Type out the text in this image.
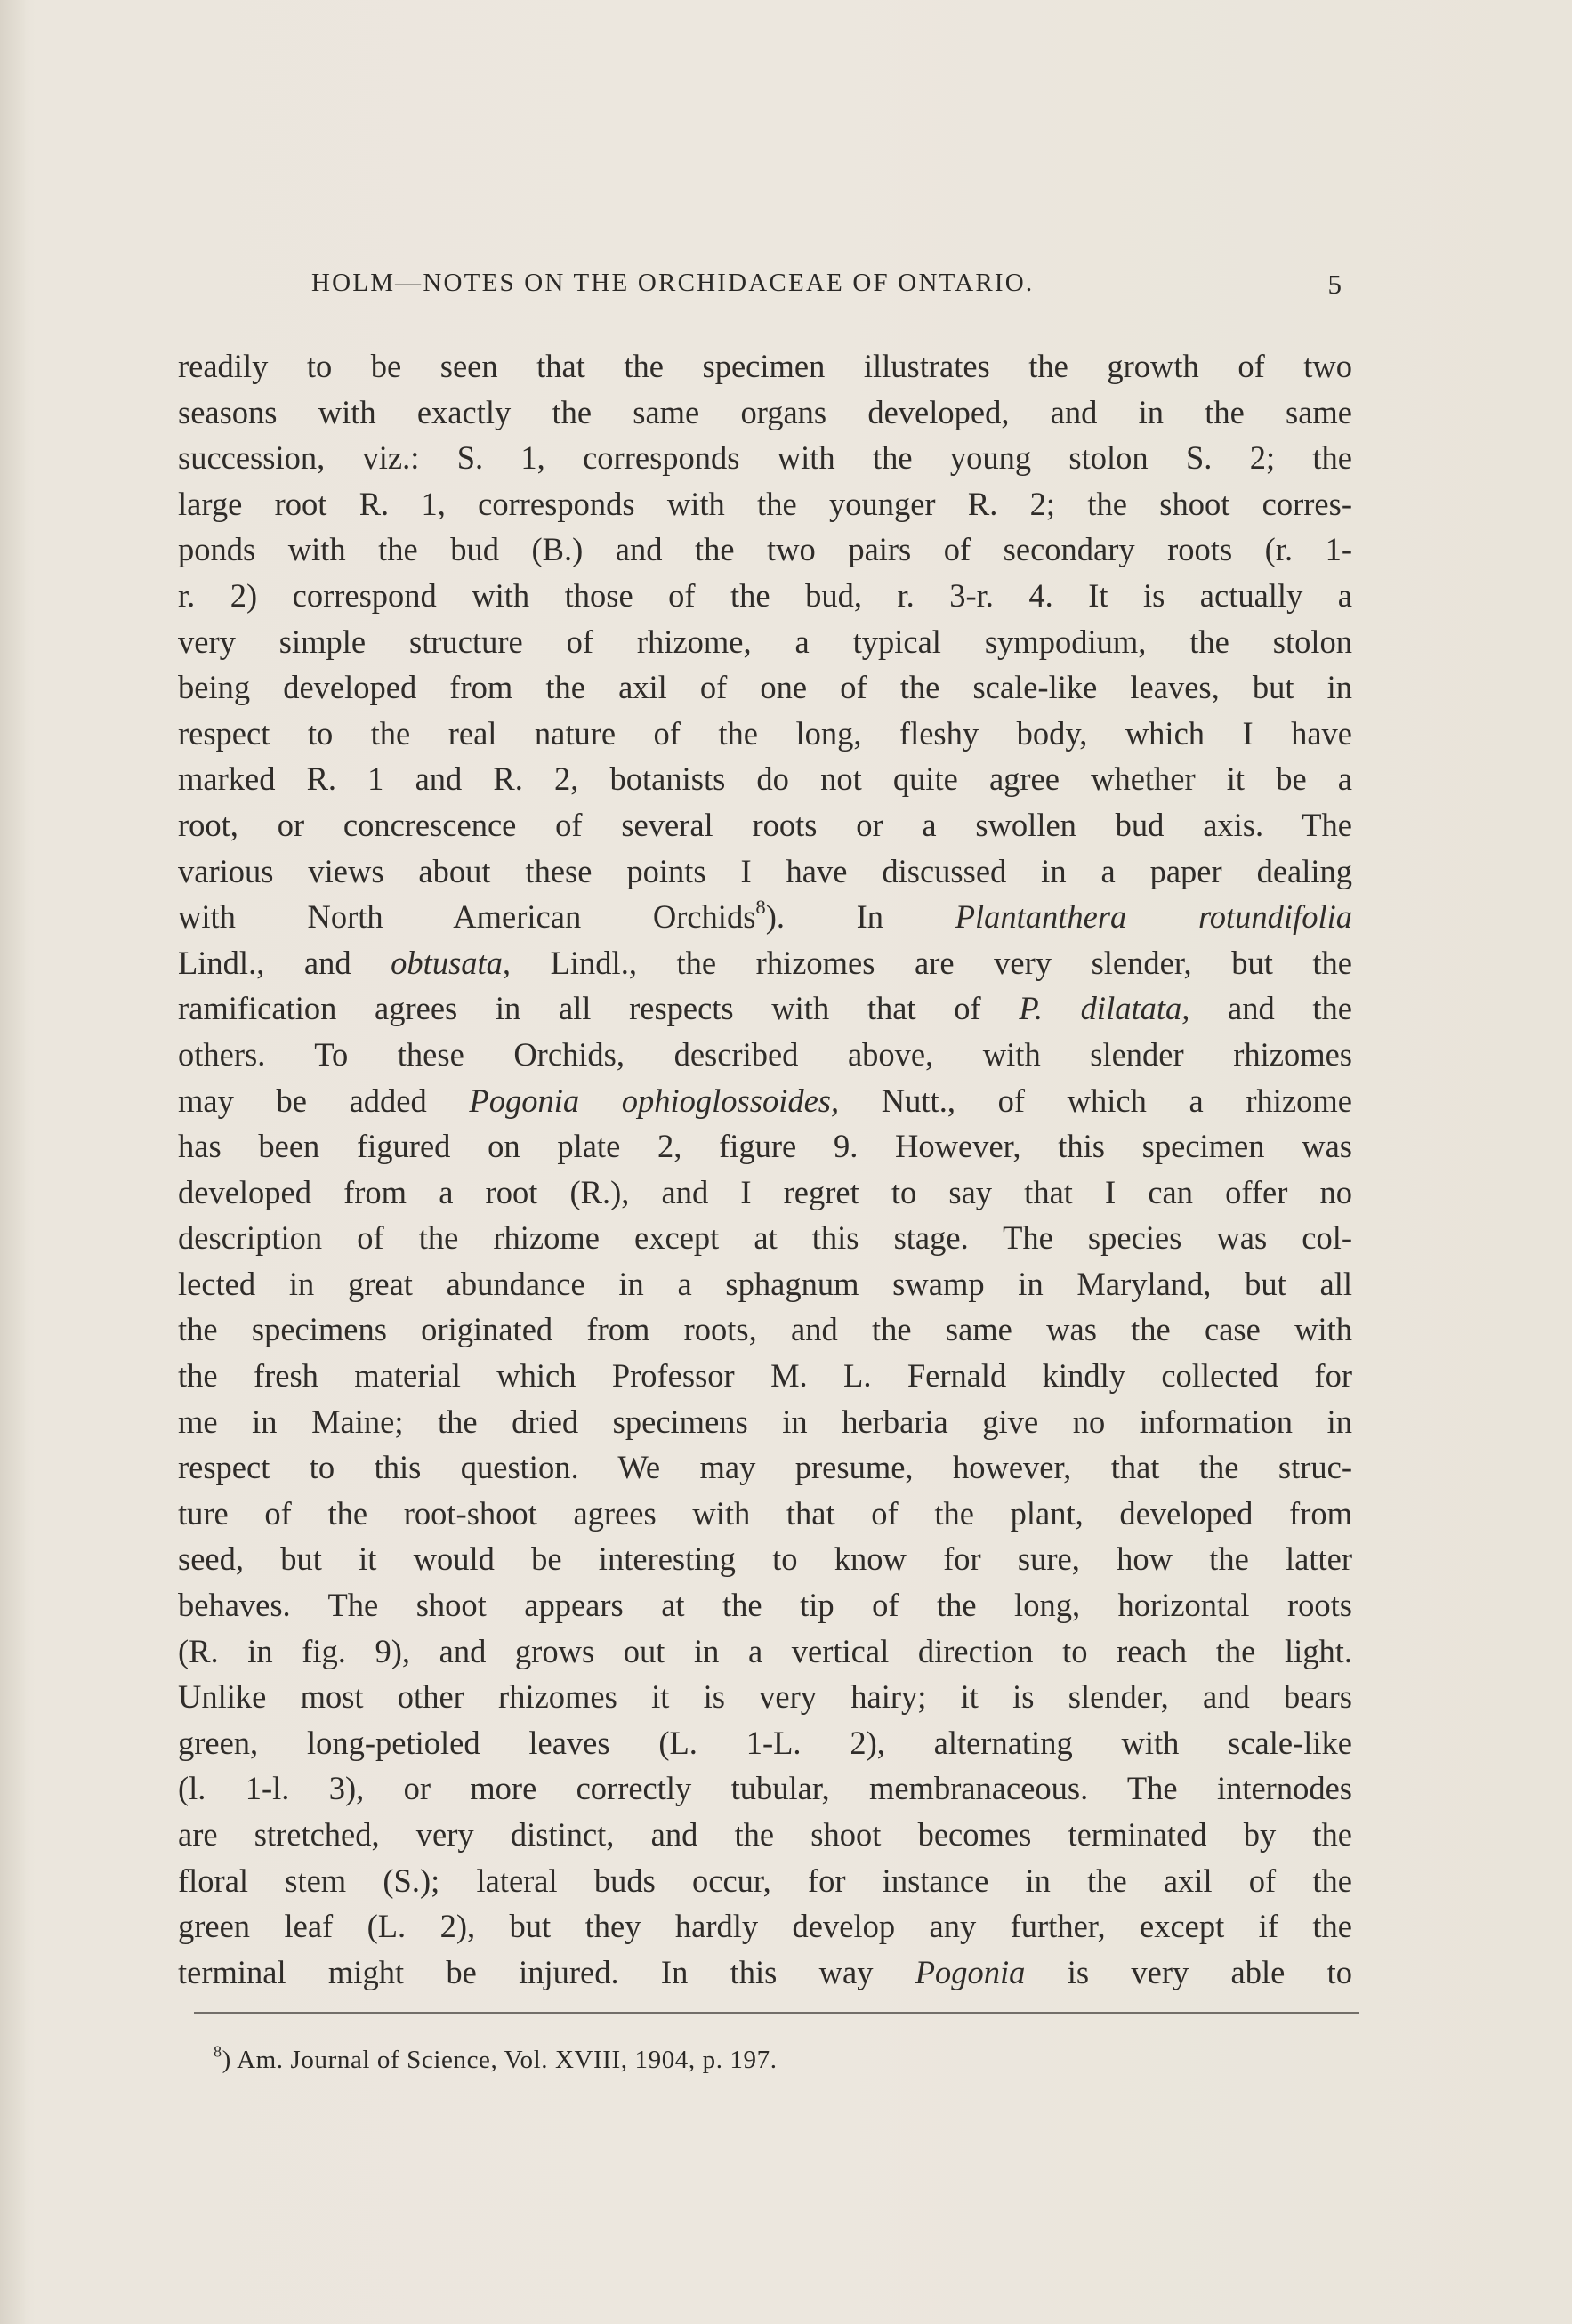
HOLM—NOTES ON THE ORCHIDACEAE OF ONTARIO.	5
readily to be seen that the specimen illustrates the growth of two
seasons with exactly the same organs developed, and in the same
succession, viz.: S. 1, corresponds with the young stolon S. 2; the
large root R. 1, corresponds with the younger R. 2; the shoot corres-
ponds with the bud (B.) and the two pairs of secondary roots (r. 1-
r. 2) correspond with those of the bud, r. 3-r. 4. It is actually a
very simple structure of rhizome, a typical sympodium, the stolon
being developed from the axil of one of the scale-like leaves, but in
respect to the real nature of the long, fleshy body, which I have
marked R. 1 and R. 2, botanists do not quite agree whether it be a
root, or concrescence of several roots or a swollen bud axis. The
various views about these points I have discussed in a paper dealing
with North American Orchids$^8$). In Plantanthera rotundifolia
Lindl., and obtusata, Lindl., the rhizomes are very slender, but the
ramification agrees in all respects with that of P. dilatata, and the
others. To these Orchids, described above, with slender rhizomes
may be added Pogonia ophioglossoides, Nutt., of which a rhizome
has been figured on plate 2, figure 9. However, this specimen was
developed from a root (R.), and I regret to say that I can offer no
description of the rhizome except at this stage. The species was col-
lected in great abundance in a sphagnum swamp in Maryland, but all
the specimens originated from roots, and the same was the case with
the fresh material which Professor M. L. Fernald kindly collected for
me in Maine; the dried specimens in herbaria give no information in
respect to this question. We may presume, however, that the struc-
ture of the root-shoot agrees with that of the plant, developed from
seed, but it would be interesting to know for sure, how the latter
behaves. The shoot appears at the tip of the long, horizontal roots
(R. in fig. 9), and grows out in a vertical direction to reach the light.
Unlike most other rhizomes it is very hairy; it is slender, and bears
green, long-petioled leaves (L. 1-L. 2), alternating with scale-like
(l. 1-l. 3), or more correctly tubular, membranaceous. The internodes
are stretched, very distinct, and the shoot becomes terminated by the
floral stem (S.); lateral buds occur, for instance in the axil of the
green leaf (L. 2), but they hardly develop any further, except if the
terminal might be injured. In this way Pogonia is very able to
$^8$) Am. Journal of Science, Vol. XVIII, 1904, p. 197.
